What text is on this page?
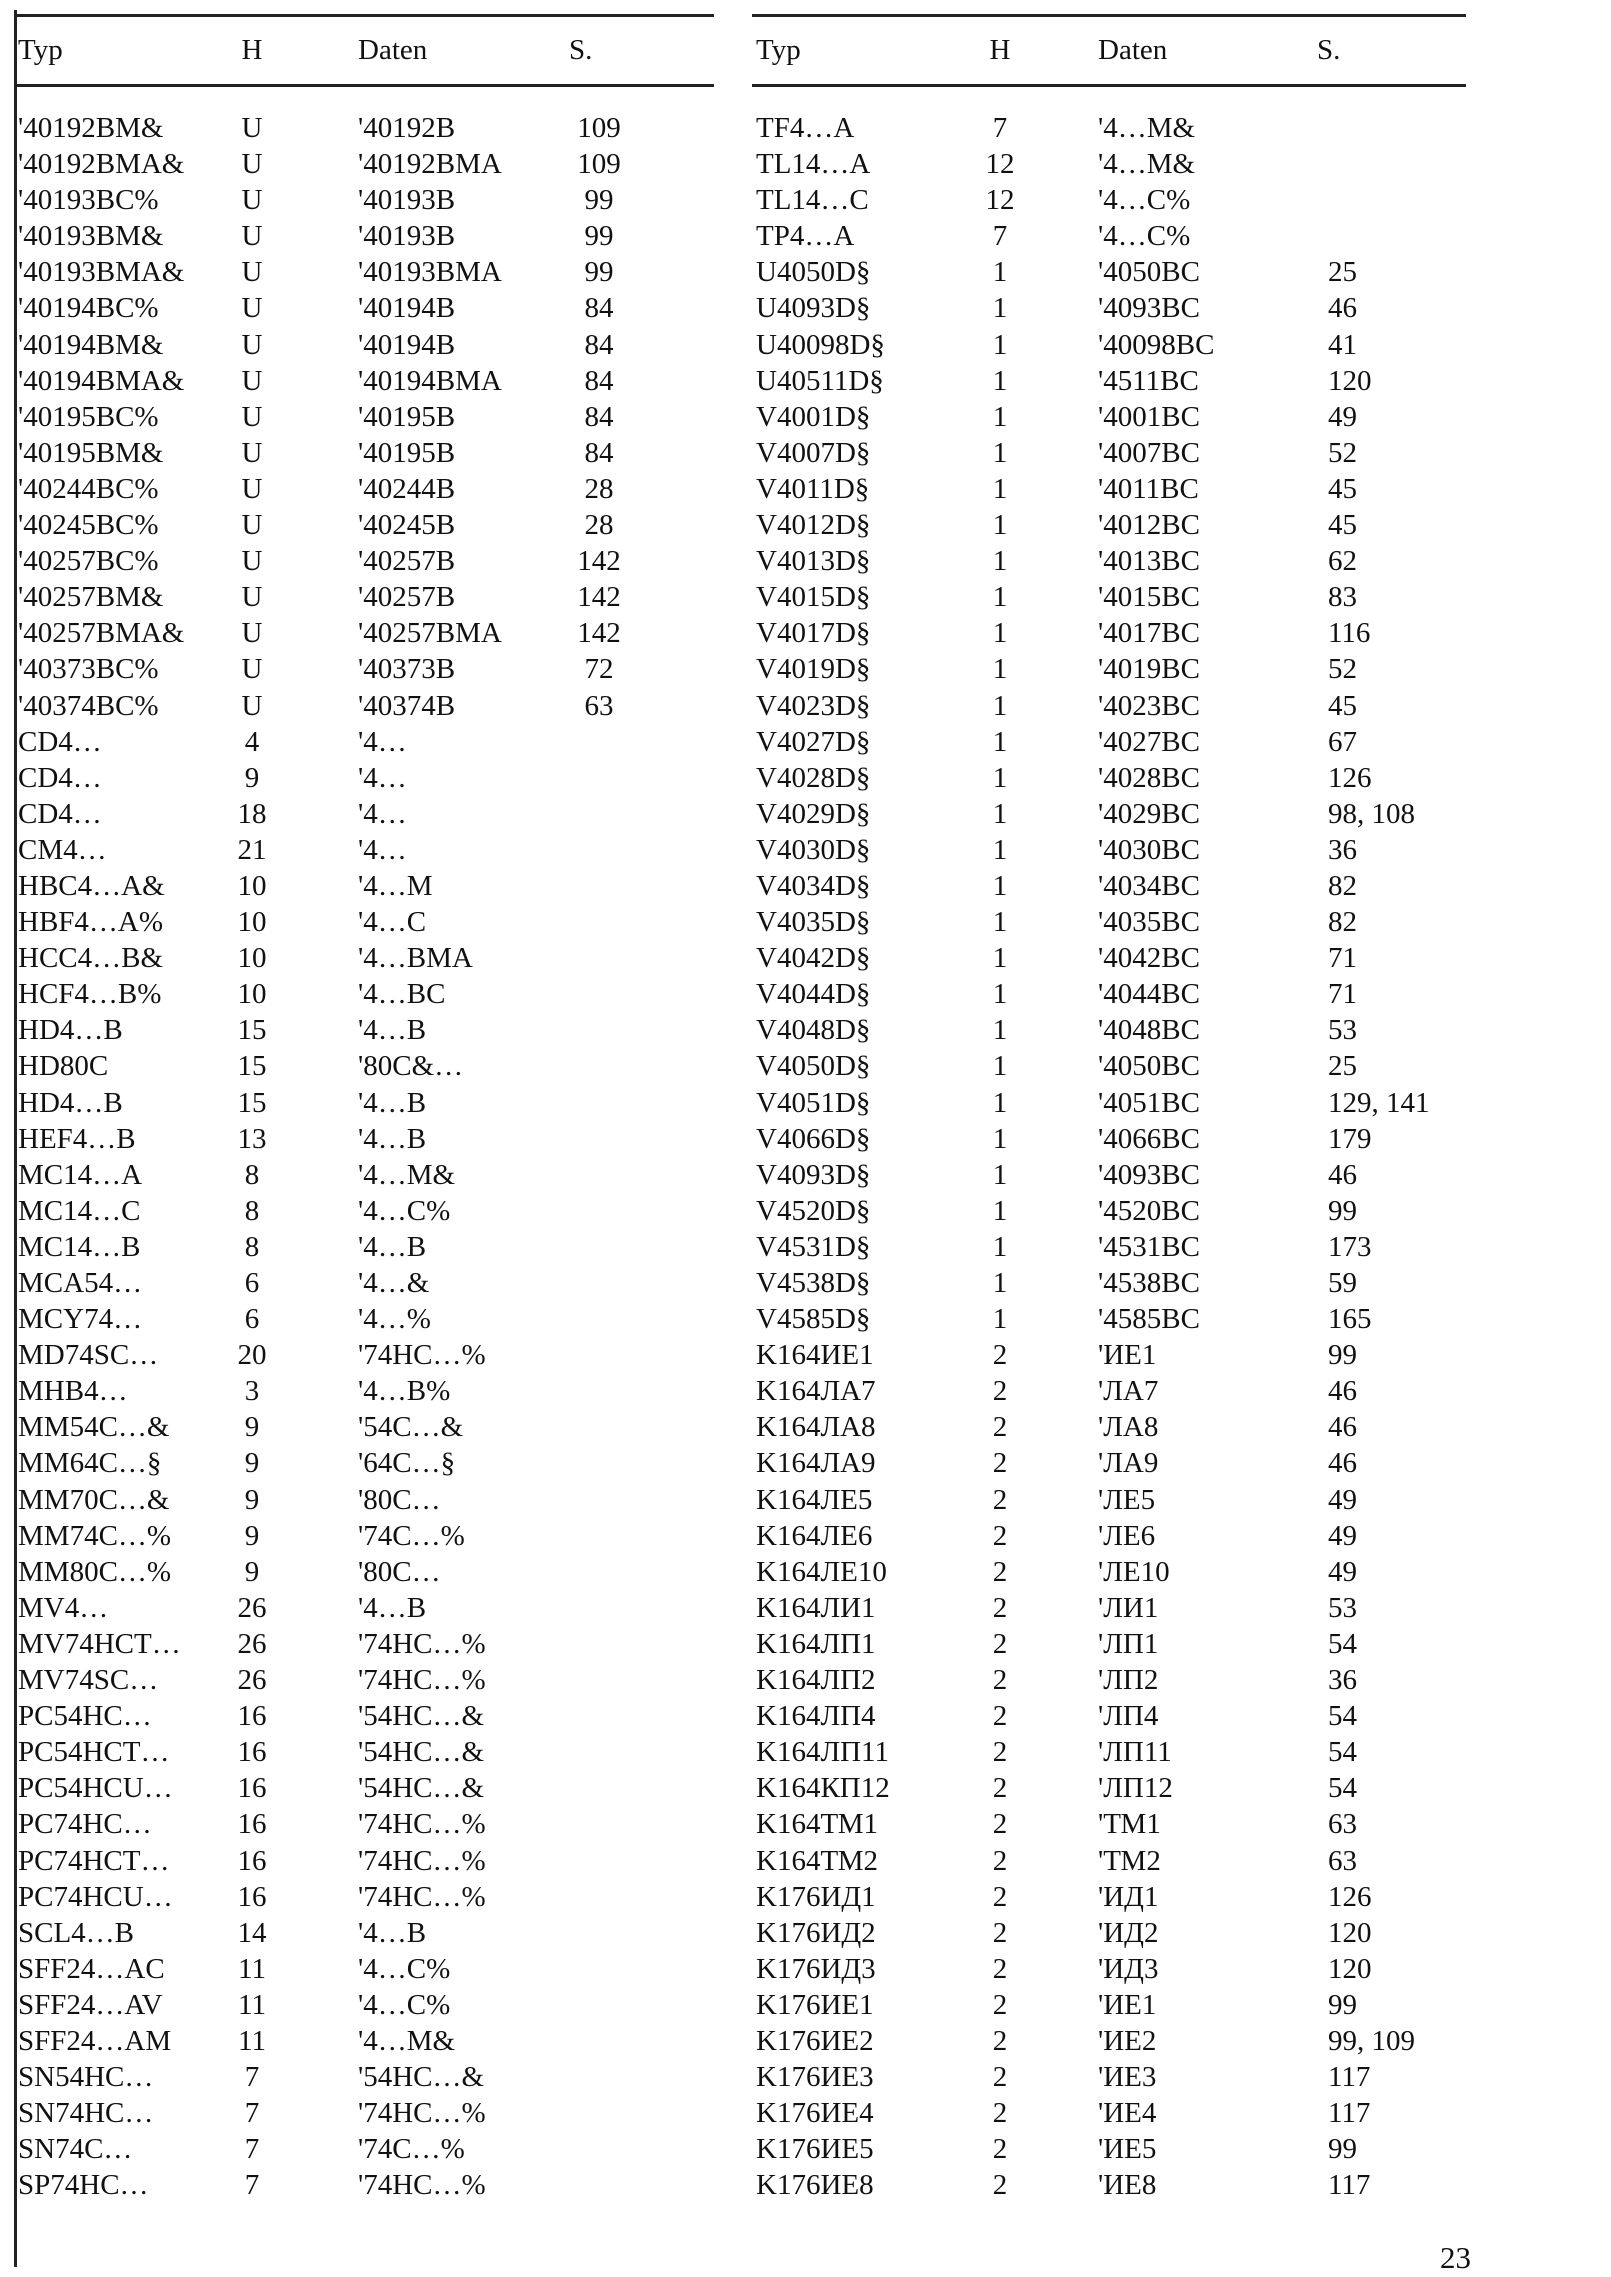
Typ	H	Daten	S.
'40192BM&	U	'40192B	109
'40192BMA&	U	'40192BMA	109
'40193BC%	U	'40193B	99
'40193BM&	U	'40193B	99
'40193BMA&	U	'40193BMA	99
'40194BC%	U	'40194B	84
'40194BM&	U	'40194B	84
'40194BMA&	U	'40194BMA	84
'40195BC%	U	'40195B	84
'40195BM&	U	'40195B	84
'40244BC%	U	'40244B	28
'40245BC%	U	'40245B	28
'40257BC%	U	'40257B	142
'40257BM&	U	'40257B	142
'40257BMA&	U	'40257BMA	142
'40373BC%	U	'40373B	72
'40374BC%	U	'40374B	63
CD4…	4	'4…
CD4…	9	'4…
CD4…	18	'4…
CM4…	21	'4…
HBC4…A&	10	'4…M
HBF4…A%	10	'4…C
HCC4…B&	10	'4…BMA
HCF4…B%	10	'4…BC
HD4…B	15	'4…B
HD80C	15	'80C&…
HD4…B	15	'4…B
HEF4…B	13	'4…B
MC14…A	8	'4…M&
MC14…C	8	'4…C%
MC14…B	8	'4…B
MCA54…	6	'4…&
MCY74…	6	'4…%
MD74SC…	20	'74HC…%
MHB4…	3	'4…B%
MM54C…&	9	'54C…&
MM64C…§	9	'64C…§
MM70C…&	9	'80C…
MM74C…%	9	'74C…%
MM80C…%	9	'80C…
MV4…	26	'4…B
MV74HCT…	26	'74HC…%
MV74SC…	26	'74HC…%
PC54HC…	16	'54HC…&
PC54HCT…	16	'54HC…&
PC54HCU…	16	'54HC…&
PC74HC…	16	'74HC…%
PC74HCT…	16	'74HC…%
PC74HCU…	16	'74HC…%
SCL4…B	14	'4…B
SFF24…AC	11	'4…C%
SFF24…AV	11	'4…C%
SFF24…AM	11	'4…M&
SN54HC…	7	'54HC…&
SN74HC…	7	'74HC…%
SN74C…	7	'74C…%
SP74HC…	7	'74HC…%
Typ	H	Daten	S.
TF4…A	7	'4…M&
TL14…A	12	'4…M&
TL14…C	12	'4…C%
TP4…A	7	'4…C%
U4050D§	1	'4050BC	25
U4093D§	1	'4093BC	46
U40098D§	1	'40098BC	41
U40511D§	1	'4511BC	120
V4001D§	1	'4001BC	49
V4007D§	1	'4007BC	52
V4011D§	1	'4011BC	45
V4012D§	1	'4012BC	45
V4013D§	1	'4013BC	62
V4015D§	1	'4015BC	83
V4017D§	1	'4017BC	116
V4019D§	1	'4019BC	52
V4023D§	1	'4023BC	45
V4027D§	1	'4027BC	67
V4028D§	1	'4028BC	126
V4029D§	1	'4029BC	98, 108
V4030D§	1	'4030BC	36
V4034D§	1	'4034BC	82
V4035D§	1	'4035BC	82
V4042D§	1	'4042BC	71
V4044D§	1	'4044BC	71
V4048D§	1	'4048BC	53
V4050D§	1	'4050BC	25
V4051D§	1	'4051BC	129, 141
V4066D§	1	'4066BC	179
V4093D§	1	'4093BC	46
V4520D§	1	'4520BC	99
V4531D§	1	'4531BC	173
V4538D§	1	'4538BC	59
V4585D§	1	'4585BC	165
K164ИЕ1	2	'ИЕ1	99
K164ЛА7	2	'ЛА7	46
K164ЛА8	2	'ЛА8	46
K164ЛА9	2	'ЛА9	46
K164ЛЕ5	2	'ЛЕ5	49
K164ЛЕ6	2	'ЛЕ6	49
K164ЛЕ10	2	'ЛЕ10	49
K164ЛИ1	2	'ЛИ1	53
K164ЛП1	2	'ЛП1	54
K164ЛП2	2	'ЛП2	36
K164ЛП4	2	'ЛП4	54
K164ЛП11	2	'ЛП11	54
K164КП12	2	'ЛП12	54
K164ТМ1	2	'ТМ1	63
K164ТМ2	2	'ТМ2	63
K176ИД1	2	'ИД1	126
K176ИД2	2	'ИД2	120
K176ИД3	2	'ИД3	120
K176ИЕ1	2	'ИЕ1	99
K176ИЕ2	2	'ИЕ2	99, 109
K176ИЕ3	2	'ИЕ3	117
K176ИЕ4	2	'ИЕ4	117
K176ИЕ5	2	'ИЕ5	99
K176ИЕ8	2	'ИЕ8	117
23
